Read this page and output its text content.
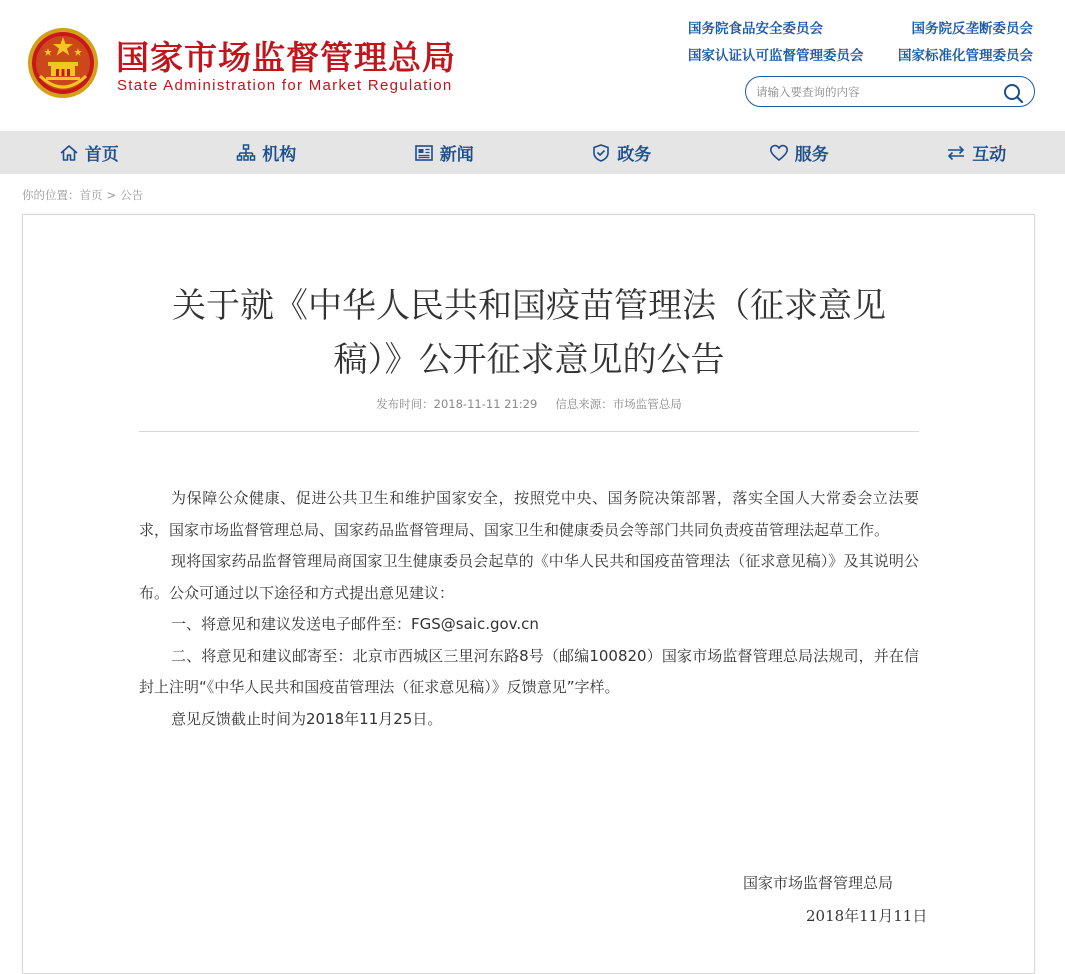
国家市场监督管理总局
State Administration for Market Regulation
国务院食品安全委员会	国务院反垄断委员会
国家认证认可监督管理委员会	国家标准化管理委员会
请输入要查询的内容
首页	机构	新闻	政务	服务	互动
你的位置： 首页 > 公告
关于就《中华人民共和国疫苗管理法（征求意见稿）》公开征求意见的公告
发布时间：2018-11-11 21:29 信息来源：市场监管总局

为保障公众健康、促进公共卫生和维护国家安全，按照党中央、国务院决策部署，落实全国人大常委会立法要求，国家市场监督管理总局、国家药品监督管理局、国家卫生和健康委员会等部门共同负责疫苗管理法起草工作。

现将国家药品监督管理局商国家卫生健康委员会起草的《中华人民共和国疫苗管理法（征求意见稿）》及其说明公布。公众可通过以下途径和方式提出意见建议：

一、将意见和建议发送电子邮件至：FGS@saic.gov.cn

二、将意见和建议邮寄至：北京市西城区三里河东路8号（邮编100820）国家市场监督管理总局法规司，并在信封上注明“《中华人民共和国疫苗管理法（征求意见稿）》反馈意见”字样。

意见反馈截止时间为2018年11月25日。

国家市场监督管理总局
2018年11月11日
